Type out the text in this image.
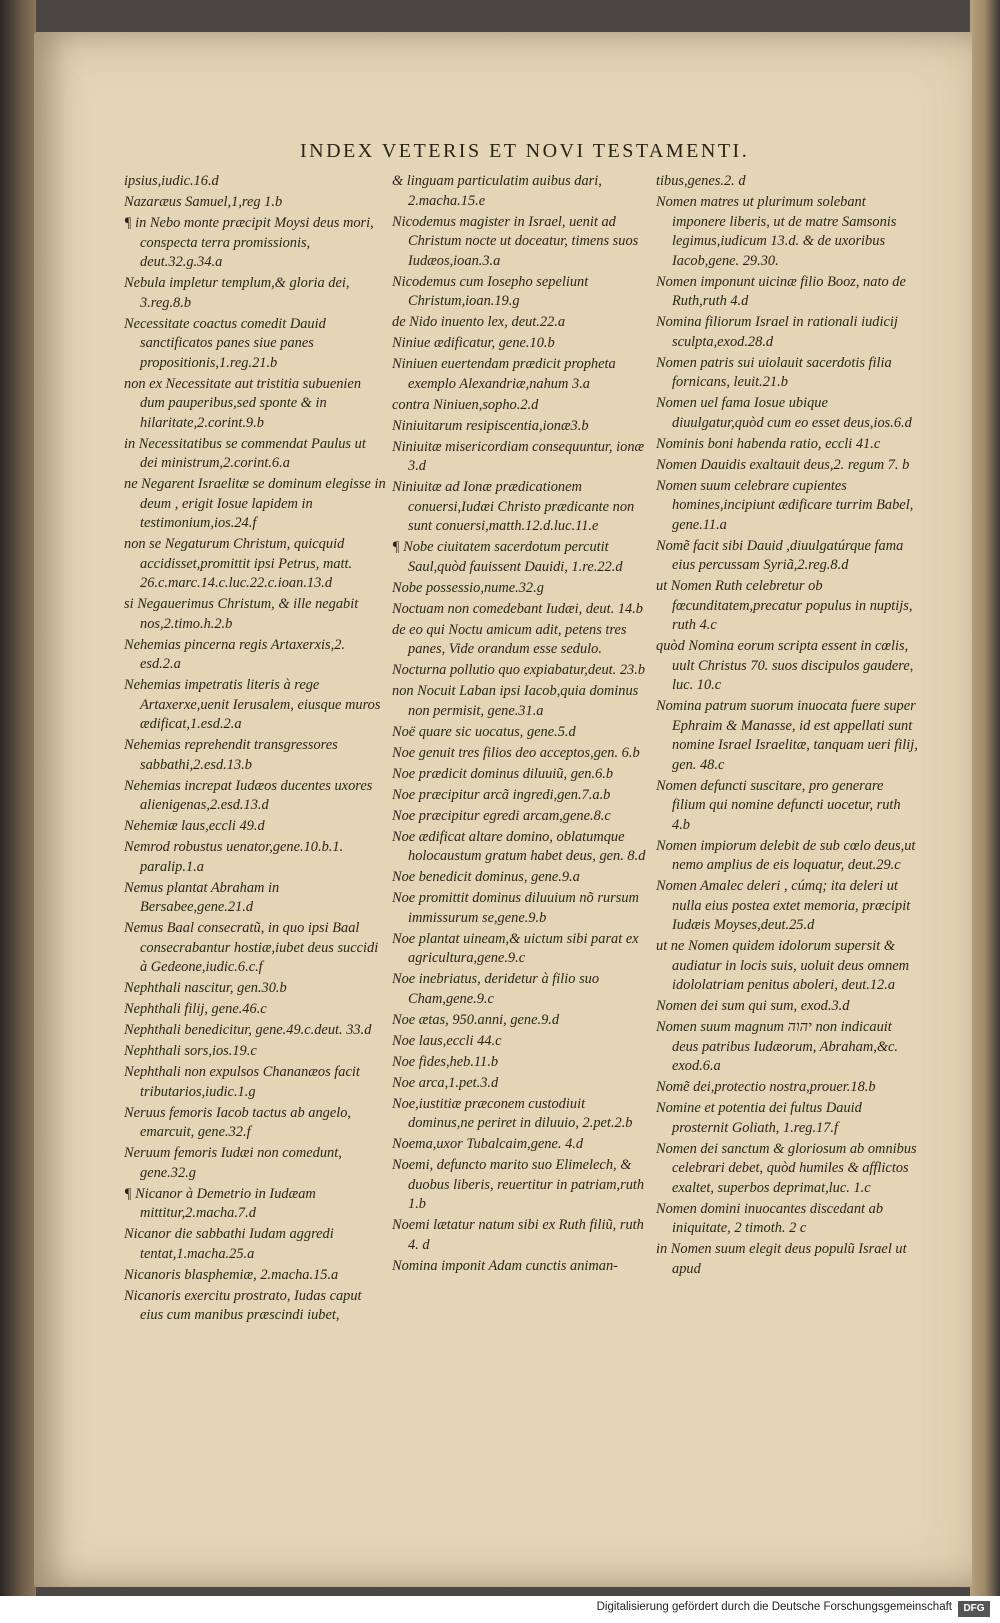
INDEX VETERIS ET NOVI TESTAMENTI.
ipsius,iudic.16.d
Nazaræus Samuel,1,reg 1.b
¶ in Nebo monte præcipit Moysi deus mori, conspecta terra promissionis, deut.32.g.34.a
Nebula impletur templum,& gloria dei, 3.reg.8.b
Necessitate coactus comedit Dauid sanctificatos panes siue panes propositionis,1.reg.21.b
non ex Necessitate aut tristitia subuenien dum pauperibus,sed sponte & in hilaritate,2.corint.9.b
in Necessitatibus se commendat Paulus ut dei ministrum,2.corint.6.a
ne Negarent Israelitæ se dominum elegisse in deum , erigit Iosue lapidem in testimonium,ios.24.f
non se Negaturum Christum, quicquid accidisset,promittit ipsi Petrus, matt. 26.c.marc.14.c.luc.22.c.ioan.13.d
si Negauerimus Christum, & ille negabit nos,2.timo.h.2.b
Nehemias pincerna regis Artaxerxis,2. esd.2.a
Nehemias impetratis literis à rege Artaxerxe,uenit Ierusalem, eiusque muros ædificat,1.esd.2.a
Nehemias reprehendit transgressores sabbathi,2.esd.13.b
Nehemias increpat Iudæos ducentes uxores alienigenas,2.esd.13.d
Nehemiæ laus,eccli 49.d
Nemrod robustus uenator,gene.10.b.1. paralip.1.a
Nemus plantat Abraham in Bersabee,gene.21.d
Nemus Baal consecratũ, in quo ipsi Baal consecrabantur hostiæ,iubet deus succidi à Gedeone,iudic.6.c.f
Nephthali nascitur, gen.30.b
Nephthali filij, gene.46.c
Nephthali benedicitur, gene.49.c.deut. 33.d
Nephthali sors,ios.19.c
Nephthali non expulsos Chananæos facit tributarios,iudic.1.g
Neruus femoris Iacob tactus ab angelo, emarcuit, gene.32.f
Neruum femoris Iudæi non comedunt, gene.32.g
¶ Nicanor à Demetrio in Iudæam mittitur,2.macha.7.d
Nicanor die sabbathi Iudam aggredi tentat,1.macha.25.a
Nicanoris blasphemiæ, 2.macha.15.a
Nicanoris exercitu prostrato, Iudas caput eius cum manibus præscindi iubet,
& linguam particulatim auibus dari, 2.macha.15.e
Nicodemus magister in Israel, uenit ad Christum nocte ut doceatur, timens suos Iudæos,ioan.3.a
Nicodemus cum Iosepho sepeliunt Christum,ioan.19.g
de Nido inuento lex, deut.22.a
Niniue ædificatur, gene.10.b
Niniuen euertendam prædicit propheta exemplo Alexandriæ,nahum 3.a
contra Niniuen,sopho.2.d
Niniuitarum resipiscentia,ionæ3.b
Niniuitæ misericordiam consequuntur, ionæ 3.d
Niniuitæ ad Ionæ prædicationem conuersi,Iudæi Christo prædicante non sunt conuersi,matth.12.d.luc.11.e
¶ Nobe ciuitatem sacerdotum percutit Saul,quòd fauissent Dauidi, 1.re.22.d
Nobe possessio,nume.32.g
Noctuam non comedebant Iudæi, deut. 14.b
de eo qui Noctu amicum adit, petens tres panes, Vide orandum esse sedulo.
Nocturna pollutio quo expiabatur,deut. 23.b
non Nocuit Laban ipsi Iacob,quia dominus non permisit, gene.31.a
Noë quare sic uocatus, gene.5.d
Noe genuit tres filios deo acceptos,gen. 6.b
Noe prædicit dominus diluuiũ, gen.6.b
Noe præcipitur arcã ingredi,gen.7.a.b
Noe præcipitur egredi arcam,gene.8.c
Noe ædificat altare domino, oblatumque holocaustum gratum habet deus, gen. 8.d
Noe benedicit dominus, gene.9.a
Noe promittit dominus diluuium nõ rursum immissurum se,gene.9.b
Noe plantat uineam,& uictum sibi parat ex agricultura,gene.9.c
Noe inebriatus, deridetur à filio suo Cham,gene.9.c
Noe ætas, 950.anni, gene.9.d
Noe laus,eccli 44.c
Noe fides,heb.11.b
Noe arca,1.pet.3.d
Noe,iustitiæ præconem custodiuit dominus,ne periret in diluuio, 2.pet.2.b
Noema,uxor Tubalcaim,gene. 4.d
Noemi, defuncto marito suo Elimelech, & duobus liberis, reuertitur in patriam,ruth 1.b
Noemi lætatur natum sibi ex Ruth filiũ, ruth 4. d
Nomina imponit Adam cunctis animan-
tibus,genes.2. d
Nomen matres ut plurimum solebant imponere liberis, ut de matre Samsonis legimus,iudicum 13.d. & de uxoribus Iacob,gene. 29.30.
Nomen imponunt uicinæ filio Booz, nato de Ruth,ruth 4.d
Nomina filiorum Israel in rationali iudicij sculpta,exod.28.d
Nomen patris sui uiolauit sacerdotis filia fornicans, leuit.21.b
Nomen uel fama Iosue ubique diuulgatur,quòd cum eo esset deus,ios.6.d
Nominis boni habenda ratio, eccli 41.c
Nomen Dauidis exaltauit deus,2. regum 7. b
Nomen suum celebrare cupientes homines,incipiunt ædificare turrim Babel, gene.11.a
Nomẽ facit sibi Dauid ,diuulgatúrque fama eius percussam Syriã,2.reg.8.d
ut Nomen Ruth celebretur ob fœcunditatem,precatur populus in nuptijs, ruth 4.c
quòd Nomina eorum scripta essent in cœlis, uult Christus 70. suos discipulos gaudere, luc. 10.c
Nomina patrum suorum inuocata fuere super Ephraim & Manasse, id est appellati sunt nomine Israel Israelitæ, tanquam ueri filij, gen. 48.c
Nomen defuncti suscitare, pro generare filium qui nomine defuncti uocetur, ruth 4.b
Nomen impiorum delebit de sub cœlo deus,ut nemo amplius de eis loquatur, deut.29.c
Nomen Amalec deleri , cúmq; ita deleri ut nulla eius postea extet memoria, præcipit Iudæis Moyses,deut.25.d
ut ne Nomen quidem idolorum supersit & audiatur in locis suis, uoluit deus omnem idololatriam penitus aboleri, deut.12.a
Nomen dei sum qui sum, exod.3.d
Nomen suum magnum יהוה non indicauit deus patribus Iudæorum, Abraham,&c. exod.6.a
Nomẽ dei,protectio nostra,prouer.18.b
Nomine et potentia dei fultus Dauid prosternit Goliath, 1.reg.17.f
Nomen dei sanctum & gloriosum ab omnibus celebrari debet, quòd humiles & afflictos exaltet, superbos deprimat,luc. 1.c
Nomen domini inuocantes discedant ab iniquitate, 2 timoth. 2 c
in Nomen suum elegit deus populũ Israel ut apud
Digitalisierung gefördert durch die Deutsche Forschungsgemeinschaft	DFG
